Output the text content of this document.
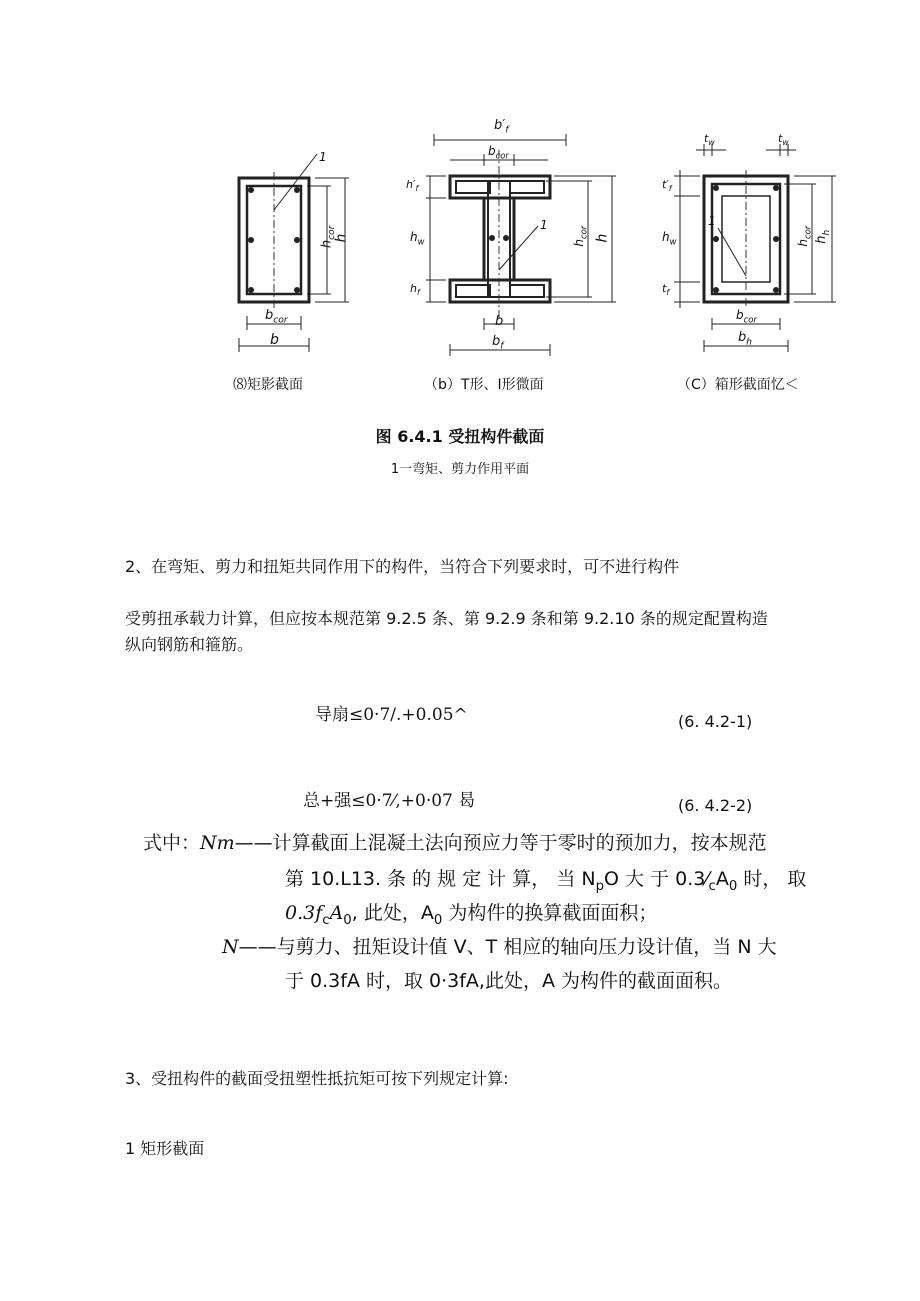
1
$h_{cor}$
h
$b_{cor}$
b
$b'_f$
$b_{cor}$
1
$h'_f$
$h_w$
$h_f$
$h_{cor}$ h
b
$b_f$
$t_w$	$t_w$
$t'_f$
$h_w$
$t_f$
1
$h_{cor}$
$h_h$
$b_{cor}$
$b_h$
⑻矩影截面	（b）T形、I形微面	（C）箱形截面忆＜
图 6.4.1 受扭构件截面
1一弯矩、剪力作用平面
2、在弯矩、剪力和扭矩共同作用下的构件，当符合下列要求时，可不进行构件
受剪扭承载力计算，但应按本规范第 9.2.5 条、第 9.2.9 条和第 9.2.10 条的规定配置构造
纵向钢筋和箍筋。
导扇≤0·7/.+0.05^	(6. 4.2-1)
总+强≤0·7⁄,+0·07 曷	(6. 4.2-2)
式中：Nm——计算截面上混凝土法向预应力等于零时的预加力，按本规范
第 10.L13. 条 的 规 定 计 算， 当 $N_pO$ 大 于 $0.3⁄_cA_0$ 时， 取
$0.3f_cA_0$, 此处，$A_0$ 为构件的换算截面面积；
N——与剪力、扭矩设计值 V、T 相应的轴向压力设计值，当 N 大
于 0.3fA 时，取 0·3fA,此处，A 为构件的截面面积。
3、受扭构件的截面受扭塑性抵抗矩可按下列规定计算:
1 矩形截面
